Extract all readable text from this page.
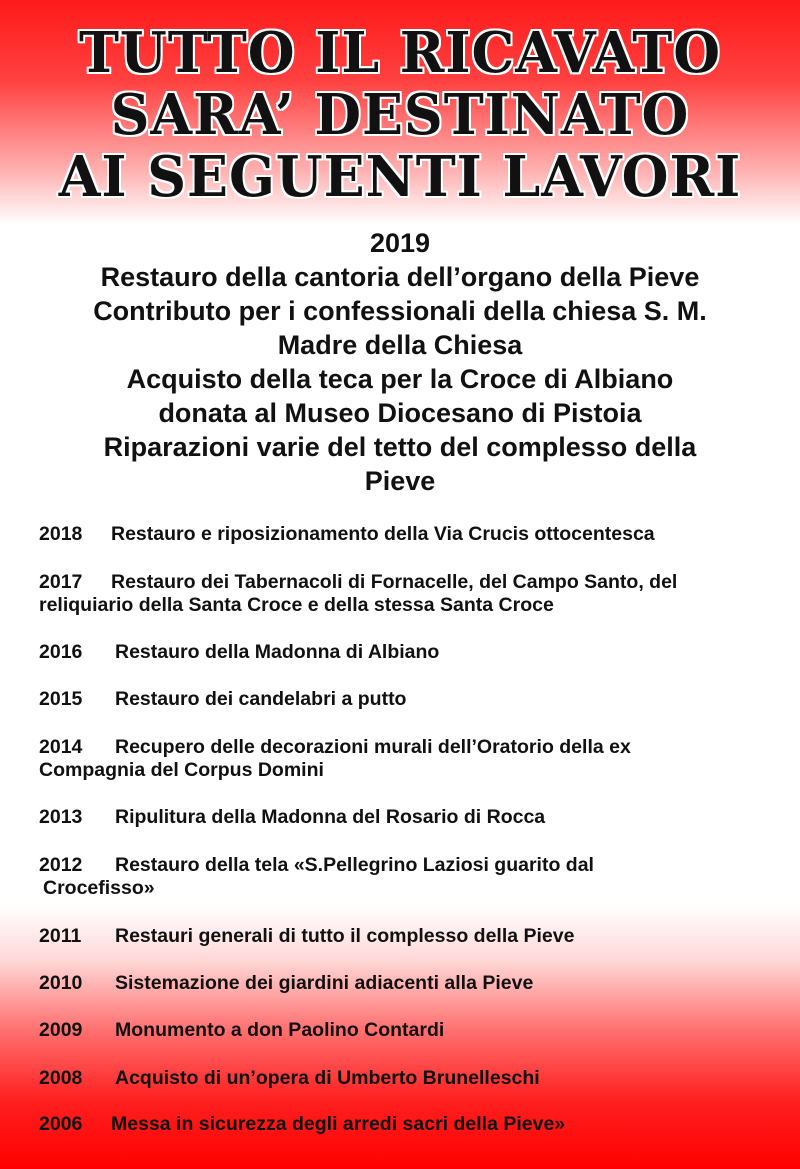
TUTTO IL RICAVATO
SARA’ DESTINATO
AI SEGUENTI LAVORI
2019
Restauro della cantoria dell’organo della Pieve
Contributo per i confessionali della chiesa S. M.
Madre della Chiesa
Acquisto della teca per la Croce di Albiano
donata al Museo Diocesano di Pistoia
Riparazioni varie del tetto del complesso della
Pieve
2018 Restauro e riposizionamento della Via Crucis ottocentesca
2017 Restauro dei Tabernacoli di Fornacelle, del Campo Santo, del
reliquiario della Santa Croce e della stessa Santa Croce
2016 Restauro della Madonna di Albiano
2015 Restauro dei candelabri a putto
2014 Recupero delle decorazioni murali dell’Oratorio della ex
Compagnia del Corpus Domini
2013 Ripulitura della Madonna del Rosario di Rocca
2012 Restauro della tela «S.Pellegrino Laziosi guarito dal
Crocefisso»
2011 Restauri generali di tutto il complesso della Pieve
2010 Sistemazione dei giardini adiacenti alla Pieve
2009 Monumento a don Paolino Contardi
2008 Acquisto di un’opera di Umberto Brunelleschi
2006 Messa in sicurezza degli arredi sacri della Pieve»
